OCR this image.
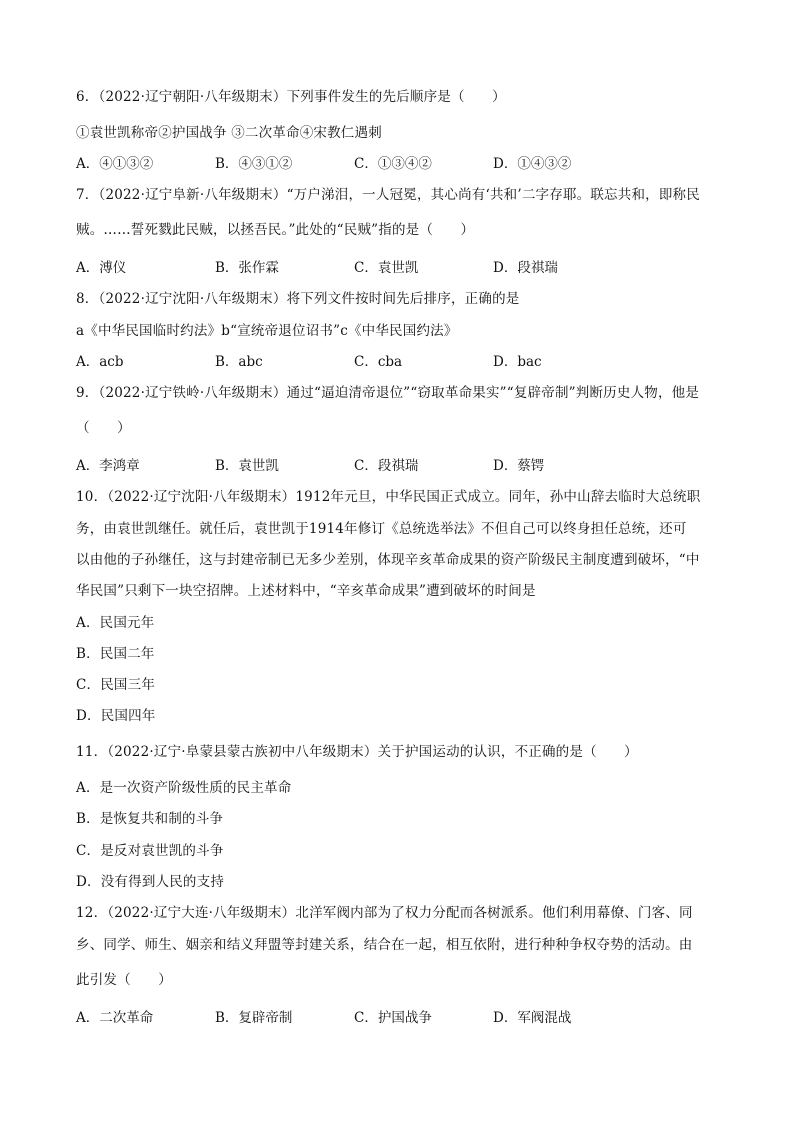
6．（2022·辽宁朝阳·八年级期末）下列事件发生的先后顺序是（　　）
①袁世凯称帝②护国战争 ③二次革命④宋教仁遇刺
A．④①③②	B．④③①②	C．①③④②	D．①④③②
7．（2022·辽宁阜新·八年级期末）“万户涕泪，一人冠冕，其心尚有‘共和’二字存耶。联忘共和，即称民
贼。……誓死戮此民贼，以拯吾民。”此处的“民贼”指的是（　　）
A．溥仪	B．张作霖	C．袁世凯	D．段祺瑞
8．（2022·辽宁沈阳·八年级期末）将下列文件按时间先后排序，正确的是
a《中华民国临时约法》b“宣统帝退位诏书”c《中华民国约法》
A．acb	B．abc	C．cba	D．bac
9．（2022·辽宁铁岭·八年级期末）通过“逼迫清帝退位”“窃取革命果实”“复辟帝制”判断历史人物，他是
（　　）
A．李鸿章	B．袁世凯	C．段祺瑞	D．蔡锷
10．（2022·辽宁沈阳·八年级期末）1912年元旦，中华民国正式成立。同年，孙中山辞去临时大总统职
务，由袁世凯继任。就任后，袁世凯于1914年修订《总统选举法》不但自己可以终身担任总统，还可
以由他的子孙继任，这与封建帝制已无多少差别，体现辛亥革命成果的资产阶级民主制度遭到破坏，“中
华民国”只剩下一块空招牌。上述材料中，“辛亥革命成果”遭到破坏的时间是
A．民国元年
B．民国二年
C．民国三年
D．民国四年
11．（2022·辽宁·阜蒙县蒙古族初中八年级期末）关于护国运动的认识，不正确的是（　　）
A．是一次资产阶级性质的民主革命
B．是恢复共和制的斗争
C．是反对袁世凯的斗争
D．没有得到人民的支持
12．（2022·辽宁大连·八年级期末）北洋军阀内部为了权力分配而各树派系。他们利用幕僚、门客、同
乡、同学、师生、姻亲和结义拜盟等封建关系，结合在一起，相互依附，进行种种争权夺势的活动。由
此引发（　　）
A．二次革命	B．复辟帝制	C．护国战争	D．军阀混战
